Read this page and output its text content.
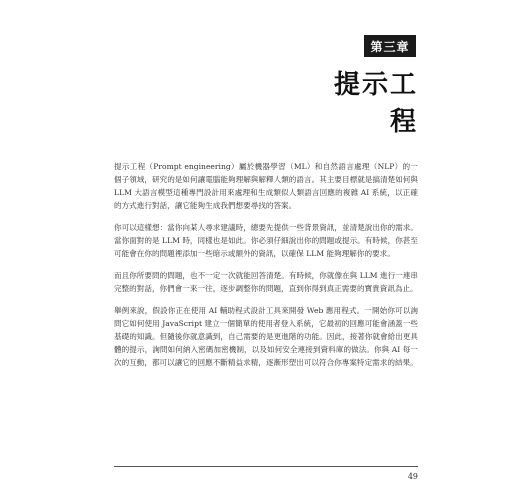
第三章
提示工程

提示工程（Prompt engineering）屬於機器學習（ML）和自然語言處理（NLP）的一個子領域，研究的是如何讓電腦能夠理解與解釋人類的語言。其主要目標就是搞清楚如何與 LLM 大語言模型這種專門設計用來處理和生成類似人類語言回應的複雜 AI 系統，以正確的方式進行對話，讓它能夠生成我們想要尋找的答案。

你可以這樣想：當你向某人尋求建議時，總要先提供一些背景資訊，並清楚說出你的需求。當你面對的是 LLM 時，同樣也是如此。你必須仔細說出你的問題或提示。有時候，你甚至可能會在你的問題裡添加一些暗示或額外的資訊，以確保 LLM 能夠理解你的要求。

而且你所要問的問題，也不一定一次就能回答清楚。有時候，你就像在與 LLM 進行一連串完整的對話，你們會一來一往，逐步調整你的問題，直到你得到真正需要的寶貴資訊為止。

舉例來說，假設你正在使用 AI 輔助程式設計工具來開發 Web 應用程式。一開始你可以詢問它如何使用 JavaScript 建立一個簡單的使用者登入系統，它最初的回應可能會涵蓋一些基礎的知識。但隨後你就意識到，自己需要的是更進階的功能。因此，接著你就會給出更具體的提示，詢問如何納入密碼加密機制，以及如何安全連接到資料庫的做法。你與 AI 每一次的互動，都可以讓它的回應不斷精益求精，逐漸形塑出可以符合你專案特定需求的結果。

49
